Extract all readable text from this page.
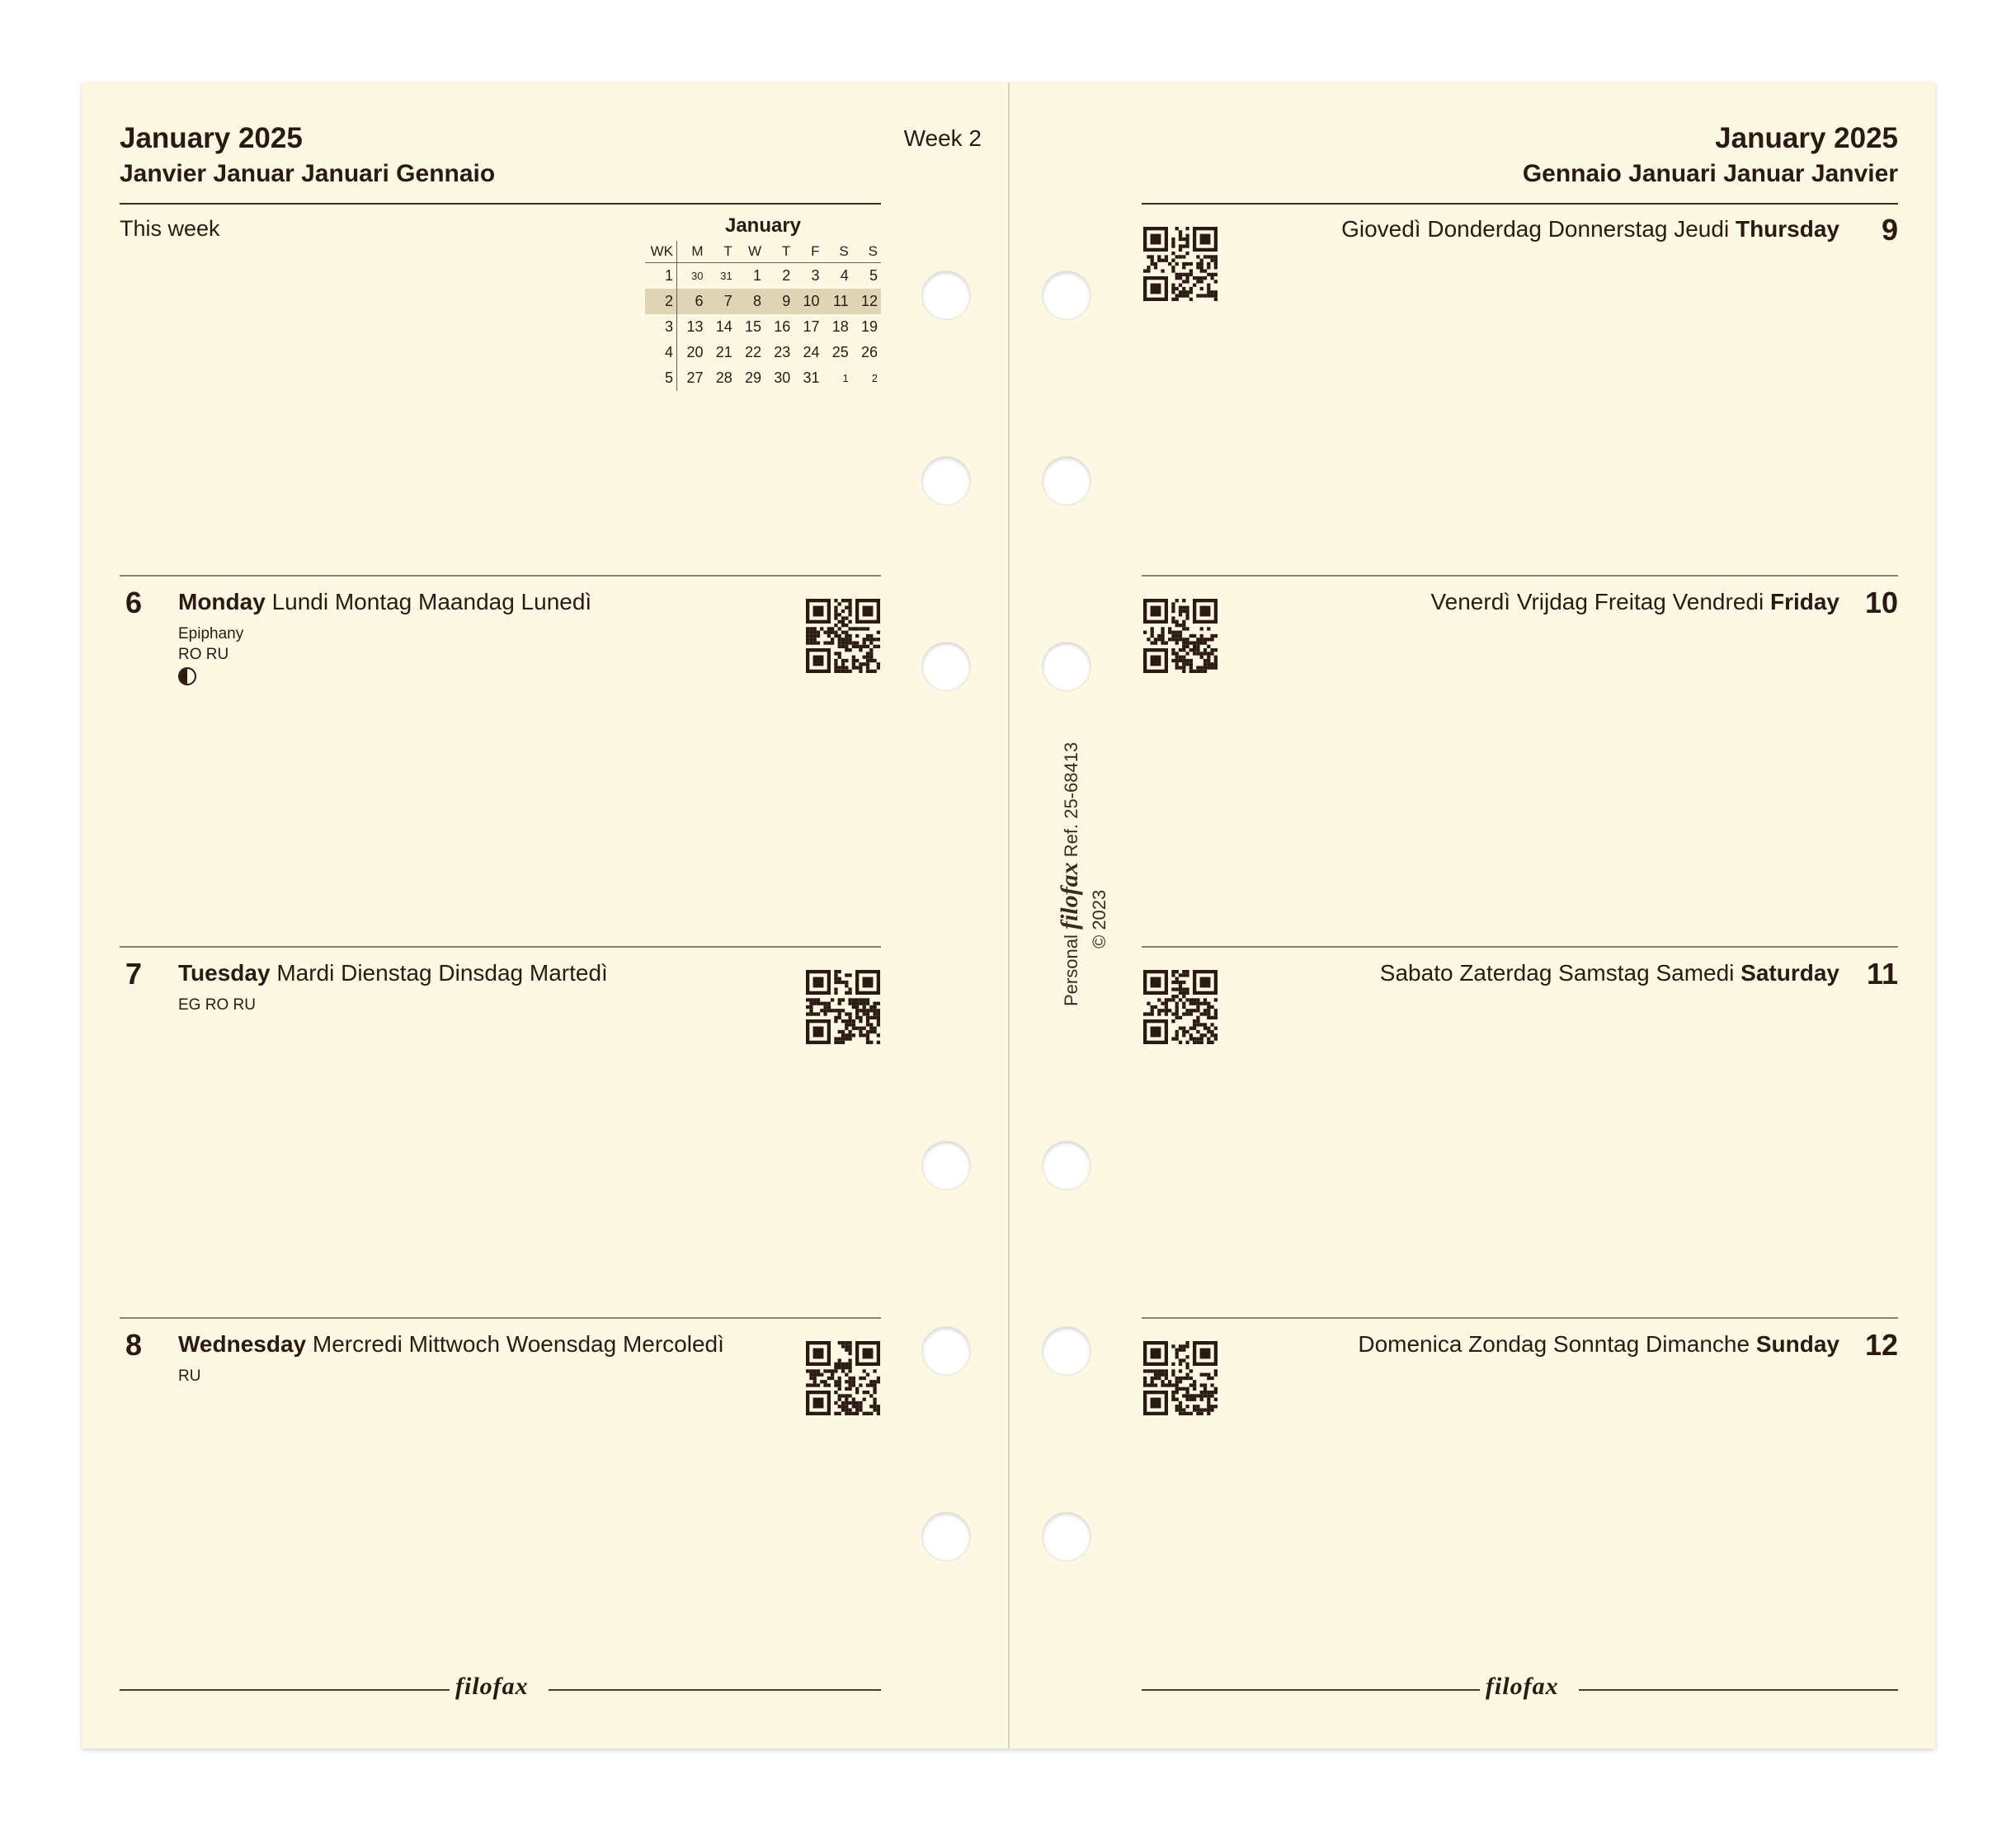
January 2025
Janvier Januar Januari Gennaio
Week 2
This week	January
WK	M	T	W	T	F	S	S
1	30	31	1	2	3	4	5
2	6	7	8	9	10	11	12
3	13	14	15	16	17	18	19
4	20	21	22	23	24	25	26
5	27	28	29	30	31	1	2
6 Monday Lundi Montag Maandag Lunedì
Epiphany
RO RU
7 Tuesday Mardi Dienstag Dinsdag Martedì
EG RO RU
8 Wednesday Mercredi Mittwoch Woensdag Mercoledì
RU
filofax
January 2025
Gennaio Januari Januar Janvier
Giovedì Donderdag Donnerstag Jeudi Thursday 9
Venerdì Vrijdag Freitag Vendredi Friday 10
Sabato Zaterdag Samstag Samedi Saturday 11
Domenica Zondag Sonntag Dimanche Sunday 12
filofax
Personal filofax Ref. 25-68413
© 2023
